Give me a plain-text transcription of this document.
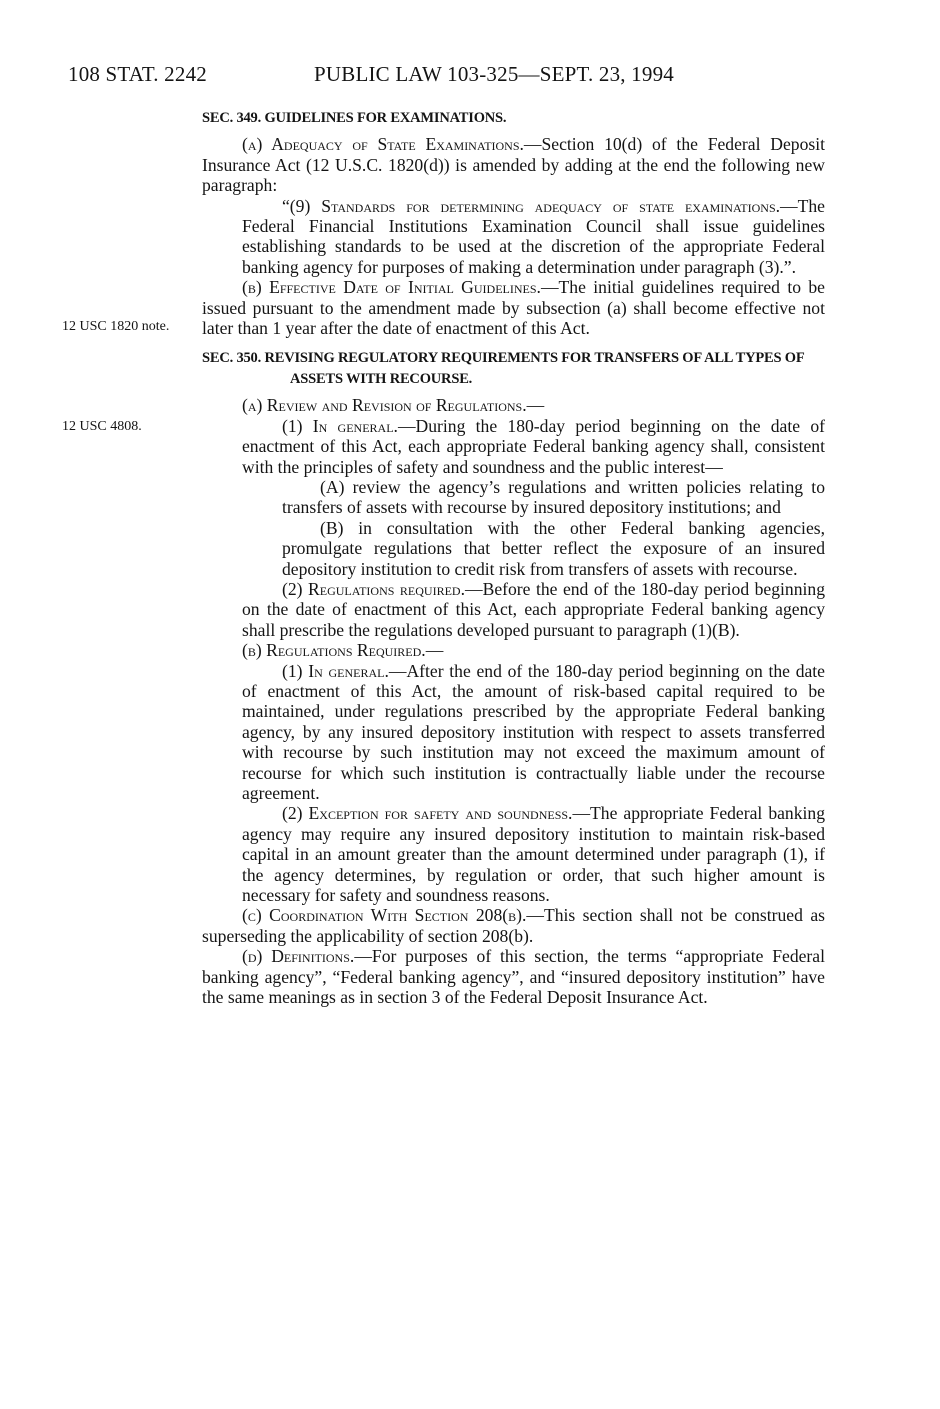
108 STAT. 2242	PUBLIC LAW 103-325—SEPT. 23, 1994
12 USC 1820 note.
12 USC 4808.

SEC. 349. GUIDELINES FOR EXAMINATIONS.

(a) Adequacy of State Examinations.—Section 10(d) of the Federal Deposit Insurance Act (12 U.S.C. 1820(d)) is amended by adding at the end the following new paragraph:

“(9) Standards for determining adequacy of state examinations.—The Federal Financial Institutions Examination Council shall issue guidelines establishing standards to be used at the discretion of the appropriate Federal banking agency for purposes of making a determination under paragraph (3).”.

(b) Effective Date of Initial Guidelines.—The initial guidelines required to be issued pursuant to the amendment made by subsection (a) shall become effective not later than 1 year after the date of enactment of this Act.

SEC. 350. REVISING REGULATORY REQUIREMENTS FOR TRANSFERS OF ALL TYPES OF ASSETS WITH RECOURSE.

(a) Review and Revision of Regulations.—

(1) In general.—During the 180-day period beginning on the date of enactment of this Act, each appropriate Federal banking agency shall, consistent with the principles of safety and soundness and the public interest—

(A) review the agency’s regulations and written policies relating to transfers of assets with recourse by insured depository institutions; and

(B) in consultation with the other Federal banking agencies, promulgate regulations that better reflect the exposure of an insured depository institution to credit risk from transfers of assets with recourse.

(2) Regulations required.—Before the end of the 180-day period beginning on the date of enactment of this Act, each appropriate Federal banking agency shall prescribe the regulations developed pursuant to paragraph (1)(B).

(b) Regulations Required.—

(1) In general.—After the end of the 180-day period beginning on the date of enactment of this Act, the amount of risk-based capital required to be maintained, under regulations prescribed by the appropriate Federal banking agency, by any insured depository institution with respect to assets transferred with recourse by such institution may not exceed the maximum amount of recourse for which such institution is contractually liable under the recourse agreement.

(2) Exception for safety and soundness.—The appropriate Federal banking agency may require any insured depository institution to maintain risk-based capital in an amount greater than the amount determined under paragraph (1), if the agency determines, by regulation or order, that such higher amount is necessary for safety and soundness reasons.

(c) Coordination With Section 208(b).—This section shall not be construed as superseding the applicability of section 208(b).

(d) Definitions.—For purposes of this section, the terms “appropriate Federal banking agency”, “Federal banking agency”, and “insured depository institution” have the same meanings as in section 3 of the Federal Deposit Insurance Act.
